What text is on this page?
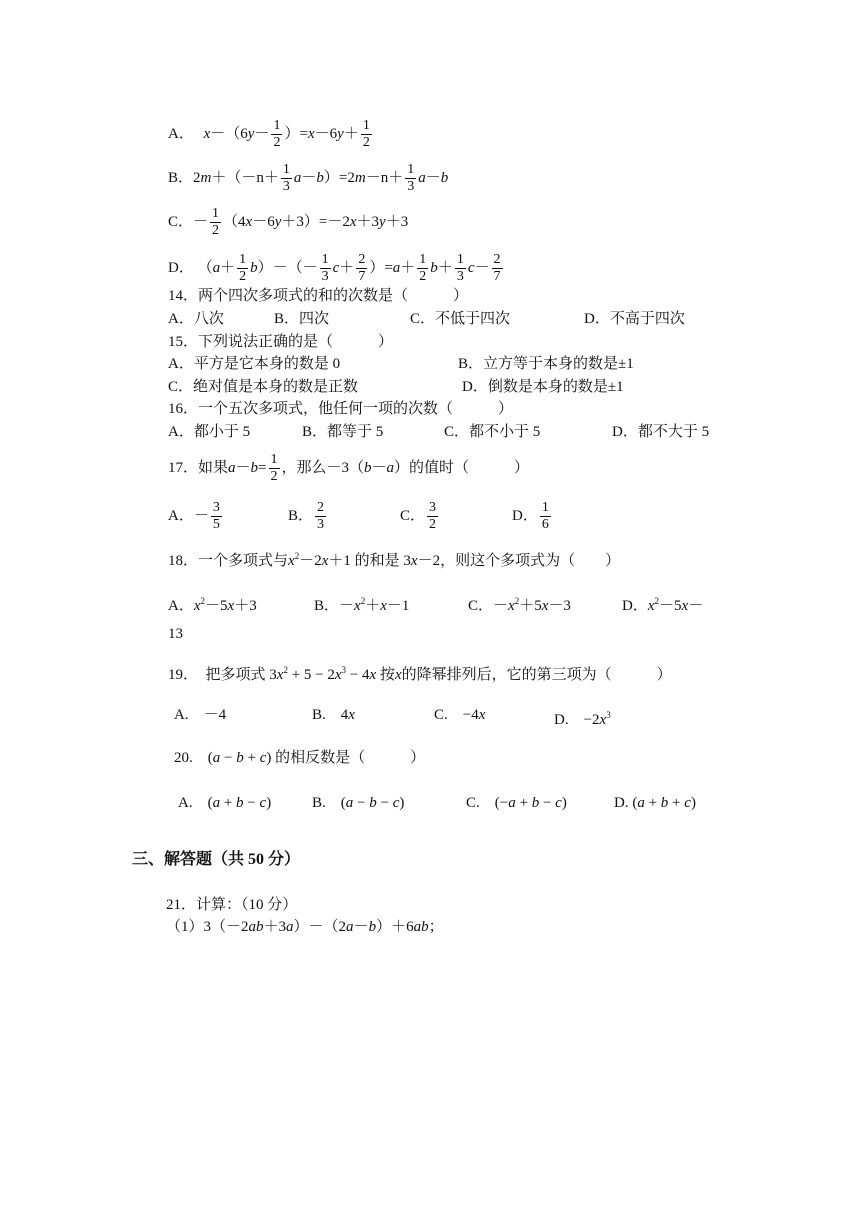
A． $x-(6y- \frac{1}{2} )=x-6y+ \frac{1}{2}$
B．$2m+(-n+ \frac{1}{3} a-b)=2m-n+ \frac{1}{3} a-b$
C．－ $\frac{1}{2} (4x-6y+3)=-2x+3y+3$
D． $(a+ \frac{1}{2} b)-(- \frac{1}{3} c+ \frac{2}{7} )=a+ \frac{1}{2} b+ \frac{1}{3} c- \frac{2}{7}$
14．两个四次多项式的和的次数是（　　　）
A．八次	B．四次	C．不低于四次	D．不高于四次
15．下列说法正确的是（　　　）
A．平方是它本身的数是 0	B．立方等于本身的数是±1
C．绝对值是本身的数是正数	D．倒数是本身的数是±1
16．一个五次多项式，他任何一项的次数（　　　）
A．都小于 5	B．都等于 5	C．都不小于 5	D．都不大于 5
17．如果$a-b= \frac{1}{2}$ ，那么－3（b－a）的值时（　　　）
A．－ $\frac{3}{5}$	B． $\frac{2}{3}$	C． $\frac{3}{2}$	D． $\frac{1}{6}$
18．一个多项式与$x^2-2x+1$ 的和是 3x－2，则这个多项式为（　　）
A．$x^2-5x+3$	B．$-x^2+x-1$	C．$-x^2+5x-3$	D．$x^2-5x-$
13
19．　把多项式 $3x^2 + 5 - 2x^3 - 4x$ 按x的降幂排列后，它的第三项为（　　　）
A.　－4	B.　4x	C.　−4x	D.　$-2x^3$
20.　(a − b + c) 的相反数是（　　　）
A.　(a + b − c)	B.　(a − b − c)	C.　(−a + b − c)	D. (a + b + c)
三、解答题（共 50 分）
21．计算：（10 分）
（1）3（－2ab＋3a）－（2a－b）＋6ab；
